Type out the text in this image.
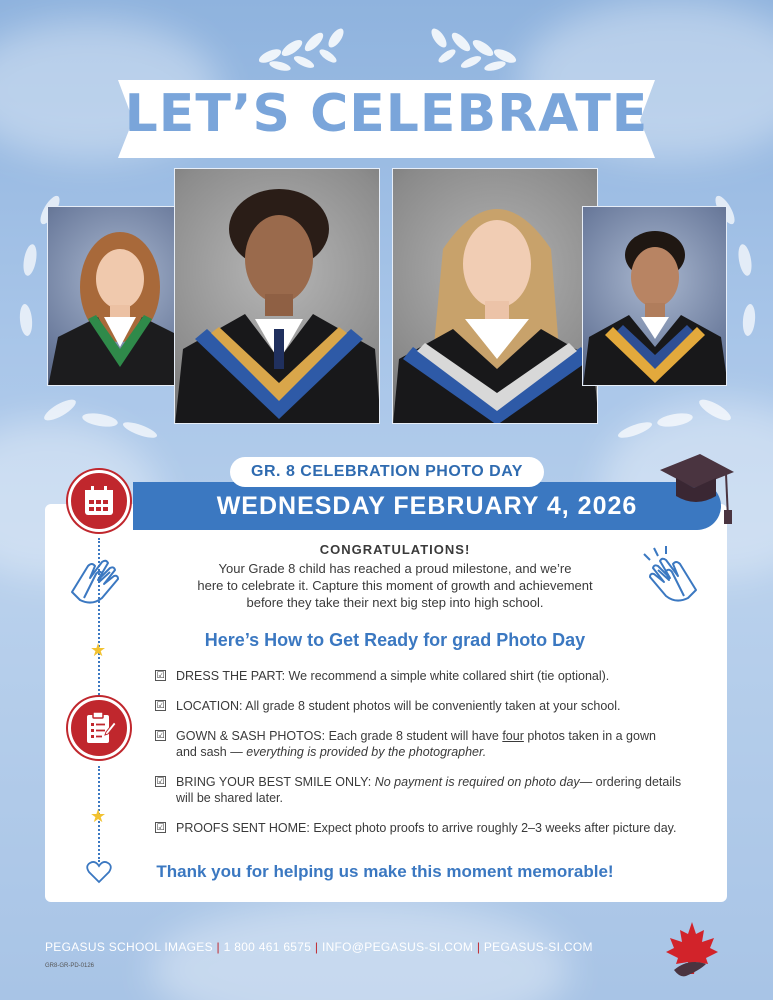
LET’S CELEBRATE
GR. 8 CELEBRATION PHOTO DAY
WEDNESDAY FEBRUARY 4, 2026
★
★
CONGRATULATIONS!
Your Grade 8 child has reached a proud milestone, and we’re
here to celebrate it. Capture this moment of growth and achievement
before they take their next big step into high school.
Here’s How to Get Ready for grad Photo Day
☑ DRESS THE PART: We recommend a simple white collared shirt (tie optional).
☑ LOCATION: All grade 8 student photos will be conveniently taken at your school.
☑ GOWN & SASH PHOTOS: Each grade 8 student will have four photos taken in a gown
and sash — everything is provided by the photographer.
☑ BRING YOUR BEST SMILE ONLY: No payment is required on photo day— ordering details
will be shared later.
☑ PROOFS SENT HOME: Expect photo proofs to arrive roughly 2–3 weeks after picture day.
Thank you for helping us make this moment memorable!
PEGASUS SCHOOL IMAGES | 1 800 461 6575 | INFO@PEGASUS-SI.COM | PEGASUS-SI.COM
GR8-GR-PD-0126
